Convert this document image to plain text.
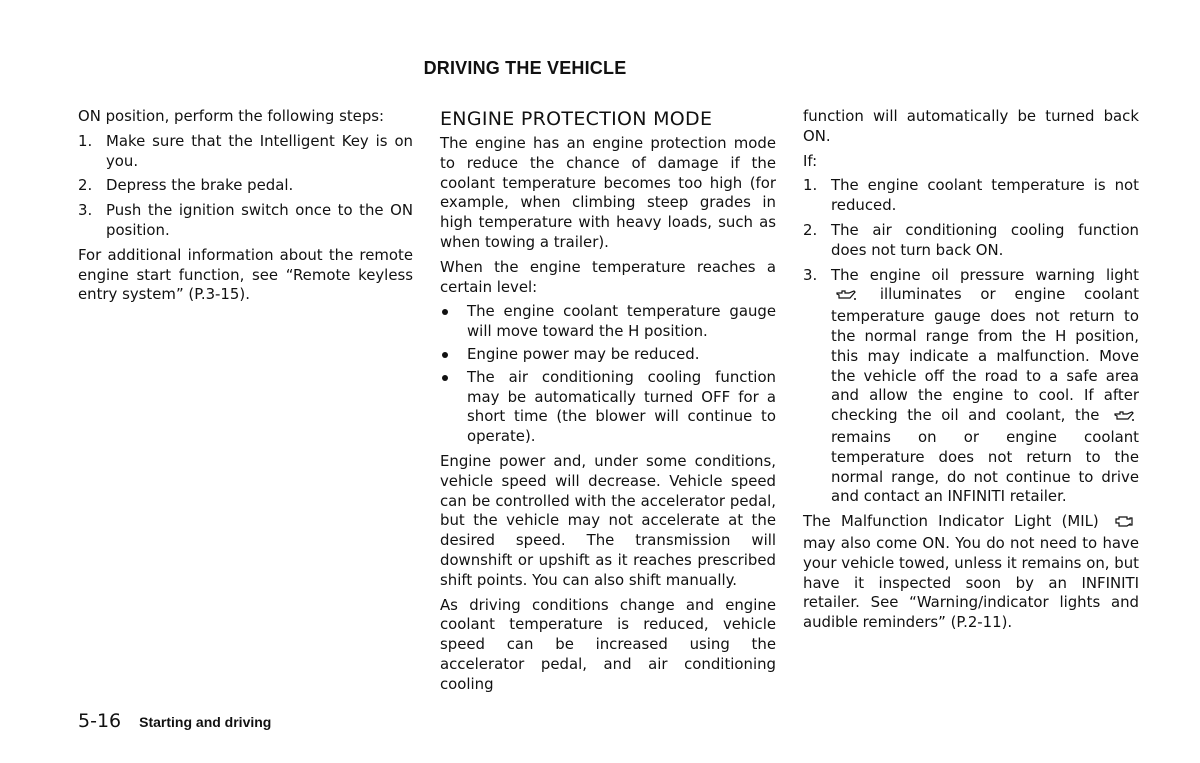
DRIVING THE VEHICLE

ON position, perform the following steps:

1. Make sure that the Intelligent Key is on you.
2. Depress the brake pedal.
3. Push the ignition switch once to the ON position.

For additional information about the remote engine start function, see “Remote keyless entry system” (P.3-15).

ENGINE PROTECTION MODE

The engine has an engine protection mode to reduce the chance of damage if the coolant temperature becomes too high (for example, when climbing steep grades in high temperature with heavy loads, such as when towing a trailer).

When the engine temperature reaches a certain level:

The engine coolant temperature gauge will move toward the H position.
Engine power may be reduced.
The air conditioning cooling function may be automatically turned OFF for a short time (the blower will continue to operate).

Engine power and, under some conditions, vehicle speed will decrease. Vehicle speed can be controlled with the accelerator pedal, but the vehicle may not accelerate at the desired speed. The transmission will downshift or upshift as it reaches prescribed shift points. You can also shift manually.

As driving conditions change and engine coolant temperature is reduced, vehicle speed can be increased using the accelerator pedal, and air conditioning cooling

function will automatically be turned back ON.

If:

1. The engine coolant temperature is not reduced.
2. The air conditioning cooling function does not turn back ON.
3. The engine oil pressure warning light  illuminates or engine coolant temperature gauge does not return to the normal range from the H position, this may indicate a malfunction. Move the vehicle off the road to a safe area and allow the engine to cool. If after checking the oil and coolant, the  remains on or engine coolant temperature does not return to the normal range, do not continue to drive and contact an INFINITI retailer.

The Malfunction Indicator Light (MIL)  may also come ON. You do not need to have your vehicle towed, unless it remains on, but have it inspected soon by an INFINITI retailer. See “Warning/indicator lights and audible reminders” (P.2-11).

5-16 Starting and driving
